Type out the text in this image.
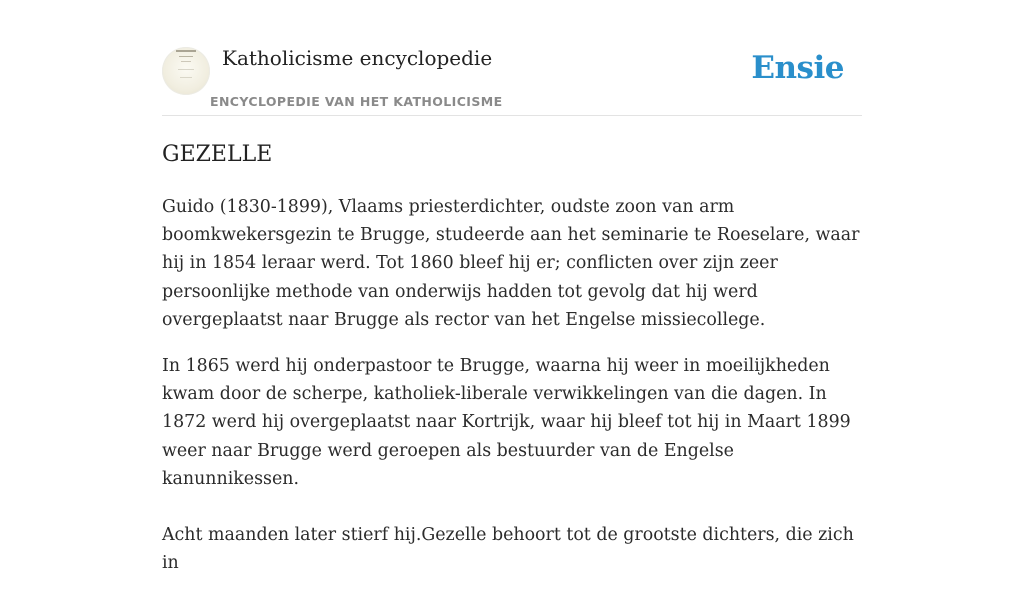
Katholicisme encyclopedie
ENCYCLOPEDIE VAN HET KATHOLICISME
Ensie
GEZELLE

Guido (1830-1899), Vlaams priesterdichter, oudste zoon van arm boomkwekersgezin te Brugge, studeerde aan het seminarie te Roeselare, waar hij in 1854 leraar werd. Tot 1860 bleef hij er; conflicten over zijn zeer persoonlijke methode van onderwijs hadden tot gevolg dat hij werd overgeplaatst naar Brugge als rector van het Engelse missiecollege.

In 1865 werd hij onderpastoor te Brugge, waarna hij weer in moeilijkheden kwam door de scherpe, katholiek-liberale verwikkelingen van die dagen. In 1872 werd hij overgeplaatst naar Kortrijk, waar hij bleef tot hij in Maart 1899 weer naar Brugge werd geroepen als bestuurder van de Engelse kanunnikessen.

Acht maanden later stierf hij.Gezelle behoort tot de grootste dichters, die zich in
